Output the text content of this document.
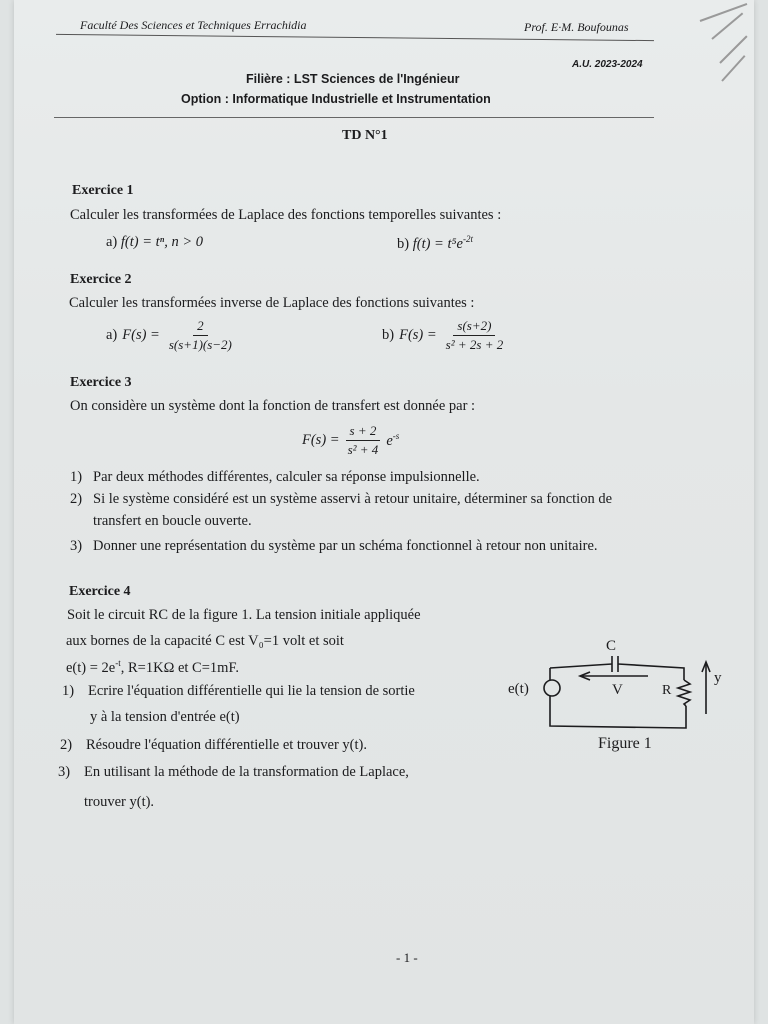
Faculté Des Sciences et Techniques Errachidia	Prof. E·M. Boufounas
A.U. 2023-2024
Filière : LST Sciences de l'Ingénieur
Option : Informatique Industrielle et Instrumentation
TD N°1
Exercice 1
Calculer les transformées de Laplace des fonctions temporelles suivantes :
a) f(t) = tⁿ, n > 0	b) $f(t) = t^5e^{-2t}$
Exercice 2
Calculer les transformées inverse de Laplace des fonctions suivantes :
a) $F(s) = \frac{2}{s(s+1)(s-2)}$	b) $F(s) = \frac{s(s+2)}{\text{s² + 2s + 2}}$
Exercice 3
On considère un système dont la fonction de transfert est donnée par :
$F(s) = \frac{s + 2}{\text{s² + 4}} e^{-s}$
1) Par deux méthodes différentes, calculer sa réponse impulsionnelle.
2) Si le système considéré est un système asservi à retour unitaire, déterminer sa fonction de
transfert en boucle ouverte.
3) Donner une représentation du système par un schéma fonctionnel à retour non unitaire.
Exercice 4
Soit le circuit RC de la figure 1. La tension initiale appliquée
aux bornes de la capacité C est V₀=1 volt et soit
$e(t) = 2e^{-t}$, R=1KΩ et C=1mF.
1) Ecrire l'équation différentielle qui lie la tension de sortie
y à la tension d'entrée e(t)
2) Résoudre l'équation différentielle et trouver y(t).
3) En utilisant la méthode de la transformation de Laplace,
trouver y(t).
C
V	R
y
e(t)
Figure 1
- 1 -
